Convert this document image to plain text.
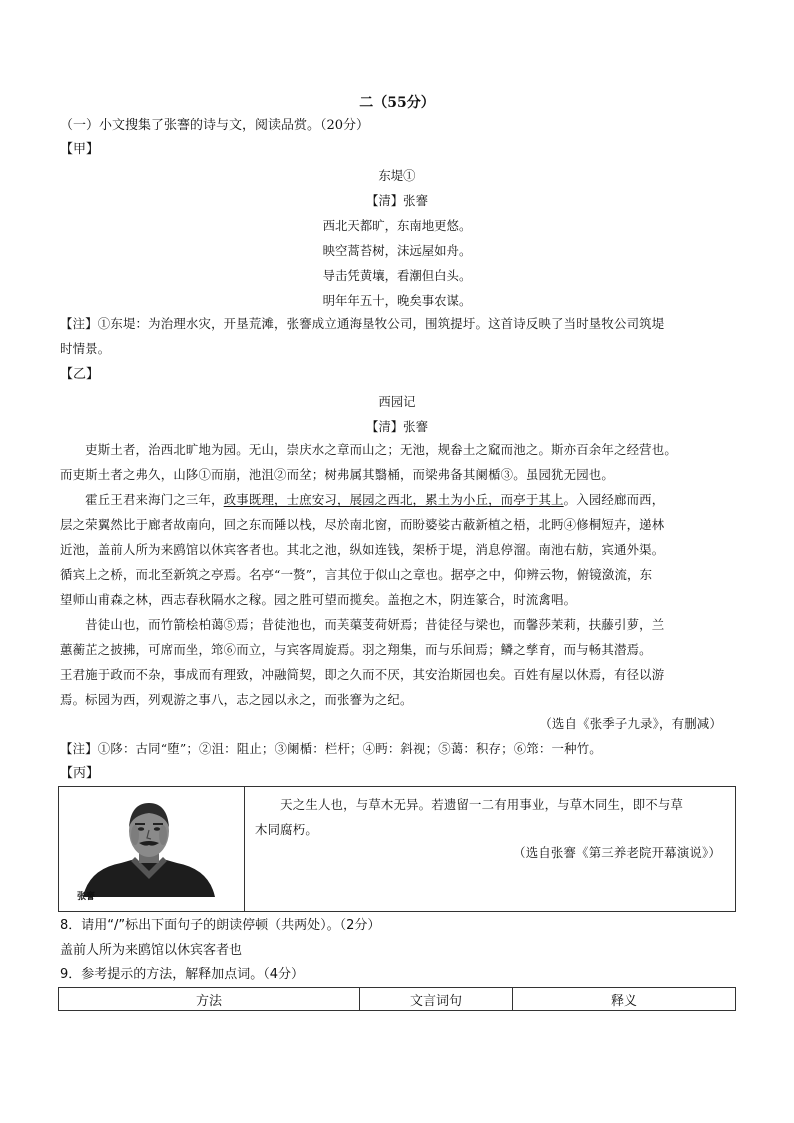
二（55分）
（一）小文搜集了张謇的诗与文，阅读品赏。（20分）
【甲】
东堤①
【清】张謇
西北天都旷，东南地更悠。
映空蒿苔树，沫远屋如舟。
导击凭黄壤，看潮但白头。
明年年五十，晚矣事农谋。
【注】①东堤：为治理水灾，开垦荒滩，张謇成立通海垦牧公司，围筑提圩。这首诗反映了当时垦牧公司筑堤
时情景。
【乙】
西园记
【清】张謇
　　吏斯土者，治西北旷地为园。无山，崇庆水之章而山之；无池，规畚土之窳而池之。斯亦百余年之经营也。
而吏斯土者之弗久，山陊①而崩，池沮②而坌；树弗属其翳桶，而梁弗备其阑楯③。虽园犹无园也。
　　霍丘王君来海门之三年，政事既理，士庶安习，展园之西北，累土为小丘，而亭于其上。入园经廊而西，
层之荣翼然比于廊者故南向，回之东而陲以栈，尽於南北窗，而盼婆娑古蔽新植之梧，北眄④修桐短卉，递林
近池，盖前人所为来鸥馆以休宾客者也。其北之池，纵如连钱，架桥于堤，消息停溜。南池右舫，宾通外渠。
循宾上之桥，而北至新筑之亭焉。名亭“一赘”，言其位于似山之章也。据亭之中，仰辨云物，俯镜潋流，东
望师山甫森之林，西志春秋隔水之稼。园之胜可望而揽矣。盖抱之木，阴连篆合，时流禽唱。
　　昔徒山也，而竹箭桧柏蔼⑤焉；昔徒池也，而芙蕖芰荷妍焉；昔徒径与梁也，而馨莎茉莉，扶藤引萝，兰
蕙蘅芷之披拂，可席而坐，筇⑥而立，与宾客周旋焉。羽之翔集，而与乐间焉；鳞之孳育，而与畅其潜焉。
王君施于政而不杂，事成而有理致，冲融简契，即之久而不厌，其安治斯园也矣。百姓有屋以休焉，有径以游
焉。标园为西，列观游之事八，志之园以永之，而张謇为之纪。
（选自《张季子九录》，有删减）
【注】①陊：古同“堕”；②沮：阻止；③阑楯：栏杆；④眄：斜视；⑤蔼：积存；⑥筇：一种竹。
【丙】
张謇
　　天之生人也，与草木无异。若遗留一二有用事业，与草木同生，即不与草
木同腐朽。
（选自张謇《第三养老院开幕演说》）
8．请用“/”标出下面句子的朗读停顿（共两处）。（2分）
盖前人所为来鸥馆以休宾客者也
9．参考提示的方法，解释加点词。（4分）
方法	文言词句	释义
